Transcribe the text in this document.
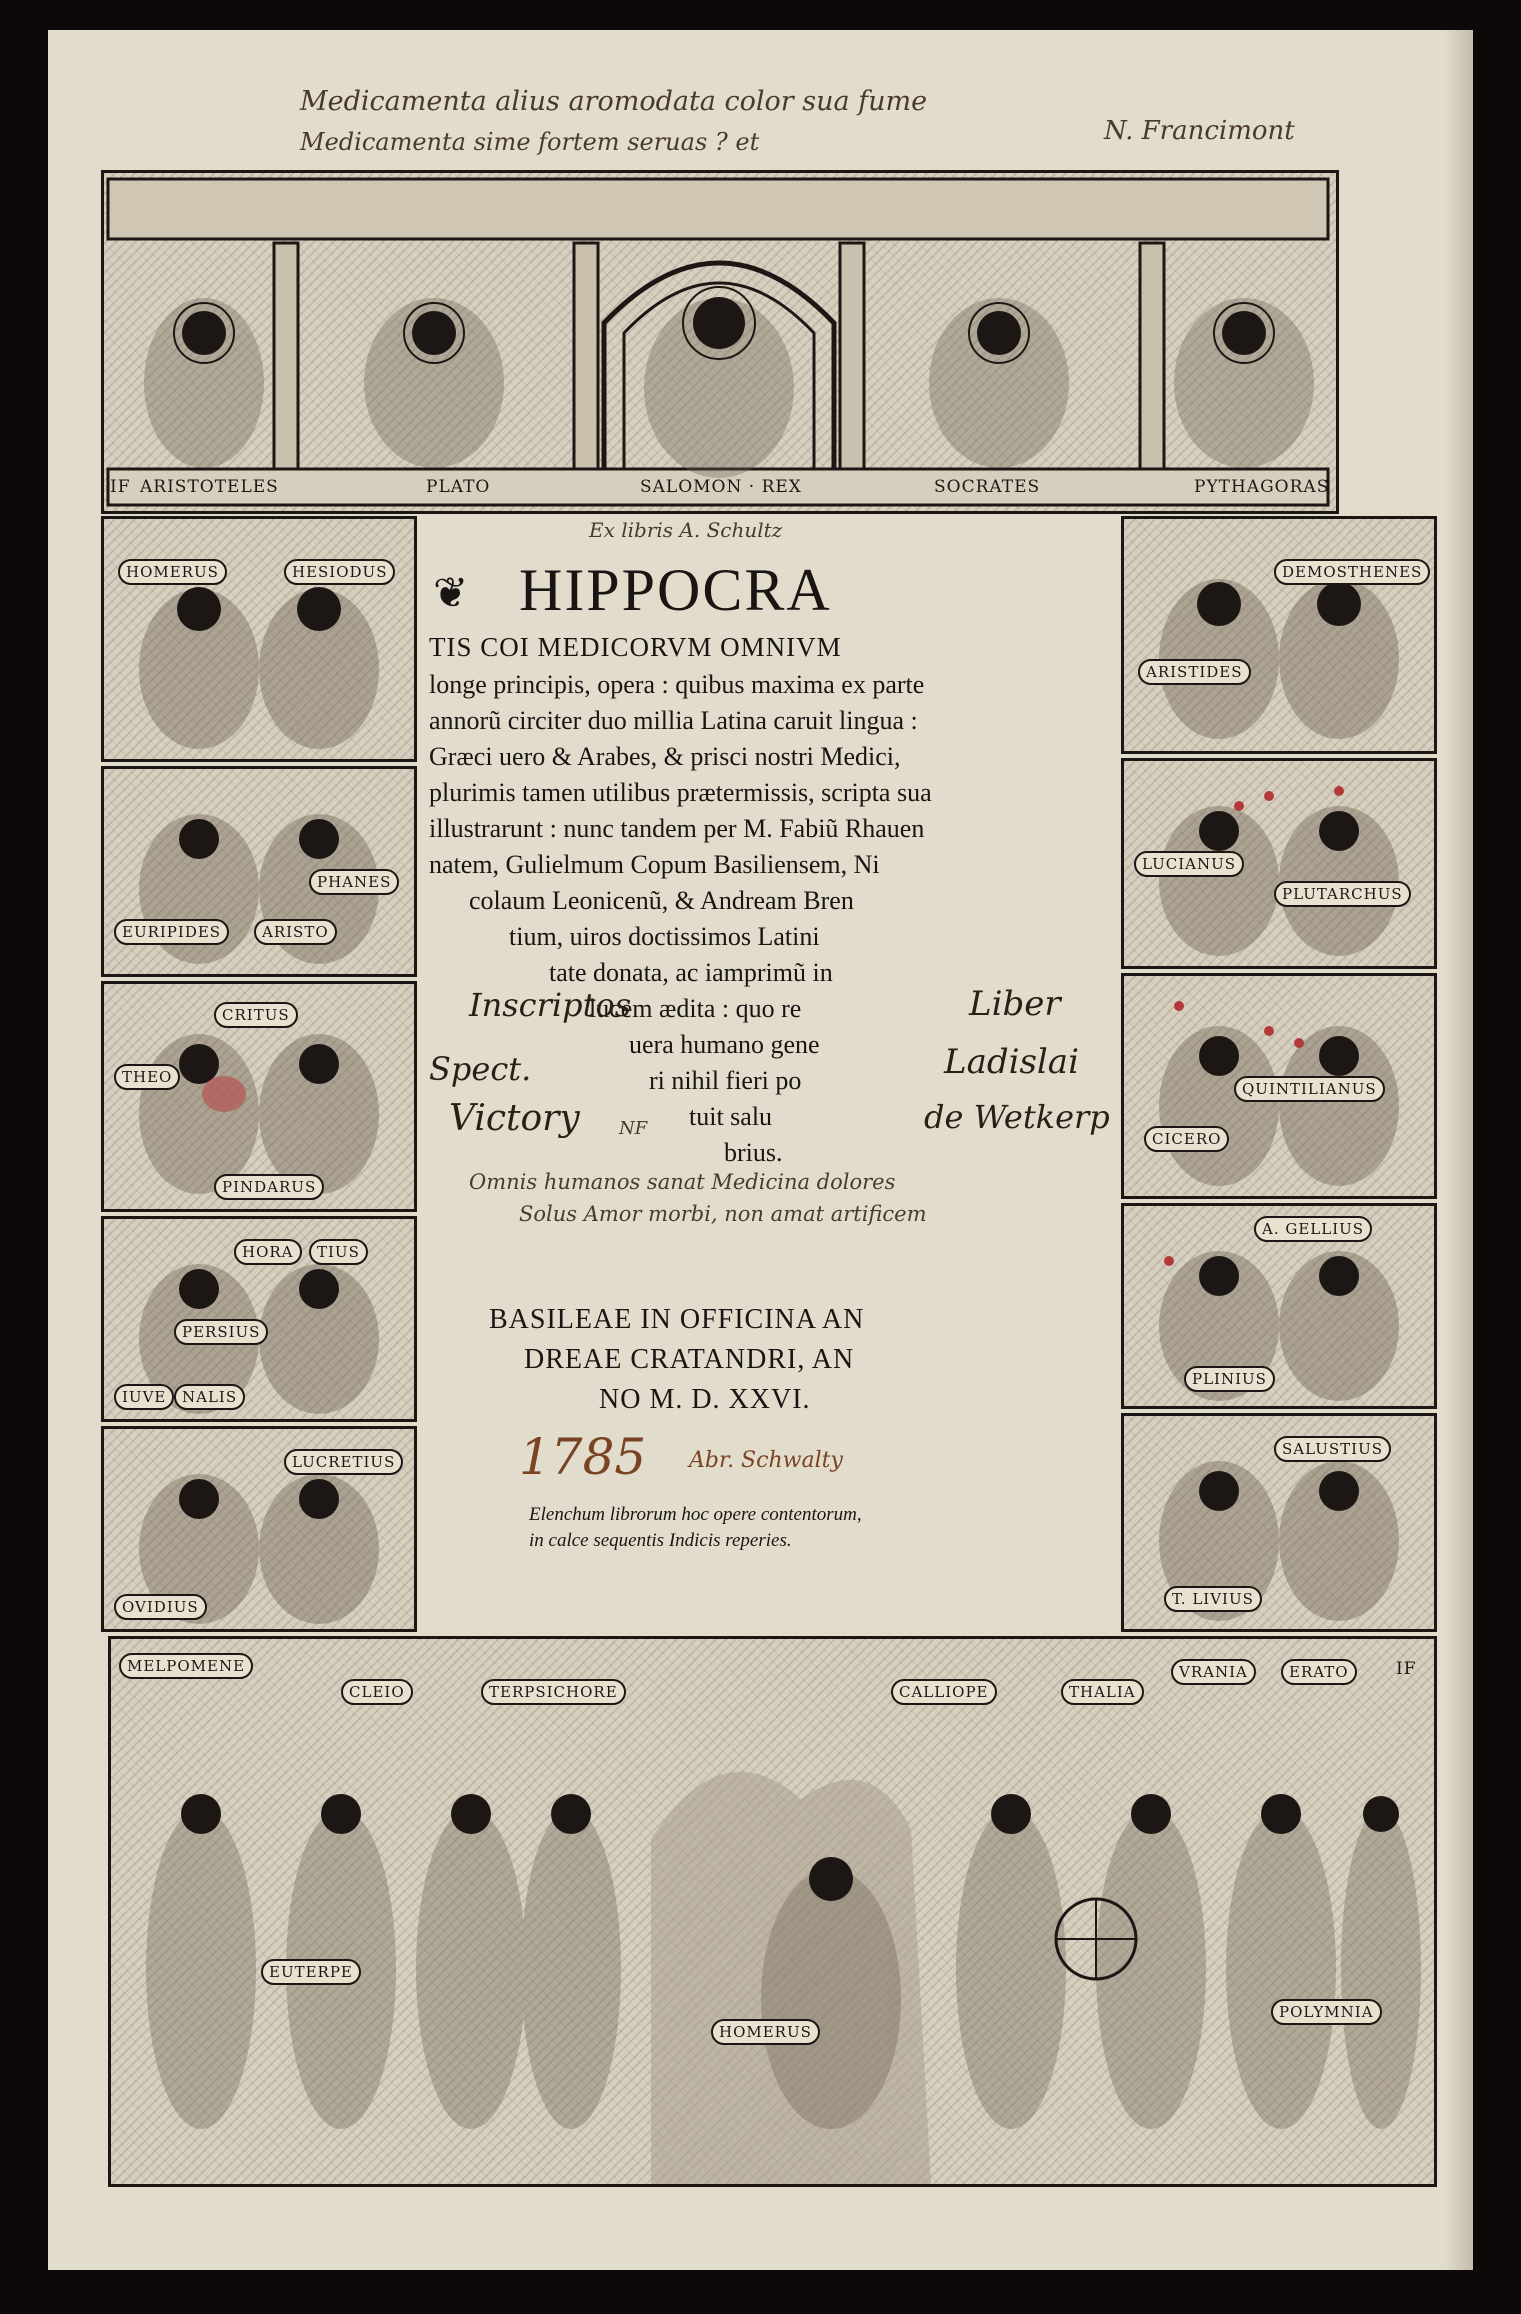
Medicamenta alius aromodata color sua fume
Medicamenta sime fortem seruas ? et	N. Francimont
IF ARISTOTELES	PLATO	SALOMON · REX	SOCRATES	PYTHAGORAS
HOMERUS	HESIODUS
EURIPIDES	ARISTO
PHANES
THEO
CRITUS
PINDARUS
HORA	TIUS
PERSIUS
IUVE	NALIS
OVIDIUS
LUCRETIUS
ARISTIDES
DEMOSTHENES
LUCIANUS
PLUTARCHUS
CICERO
QUINTILIANUS
A. GELLIUS
PLINIUS
T. LIVIUS
SALUSTIUS
MELPOMENE
CLEIO	TERPSICHORE	CALLIOPE	THALIA
VRANIA	ERATO	IF
EUTERPE
HOMERUS
POLYMNIA
Ex libris A. Schultz
❦ HIPPOCRA
TIS COI MEDICORVM OMNIVM
longe principis, opera : quibus maxima ex parte
annorũ circiter duo millia Latina caruit lingua :
Græci uero & Arabes, & prisci nostri Medici,
plurimis tamen utilibus prætermissis, scripta sua
illustrarunt : nunc tandem per M. Fabiũ Rhauen
natem, Gulielmum Copum Basiliensem, Ni
colaum Leonicenũ, & Andream Bren
tium, uiros doctissimos Latini
tate donata, ac iamprimũ in
lucem ædita : quo re
uera humano gene
ri nihil fieri po
tuit salu
brius.
Inscriptos
Spect.
Victory
Liber
Ladislai
de Wetkerp
NF
Omnis humanos sanat Medicina dolores
Solus Amor morbi, non amat artificem
BASILEAE IN OFFICINA AN
DREAE CRATANDRI, AN
NO M. D. XXVI.
1785 Abr. Schwalty
Elenchum librorum hoc opere contentorum,
in calce sequentis Indicis reperies.
